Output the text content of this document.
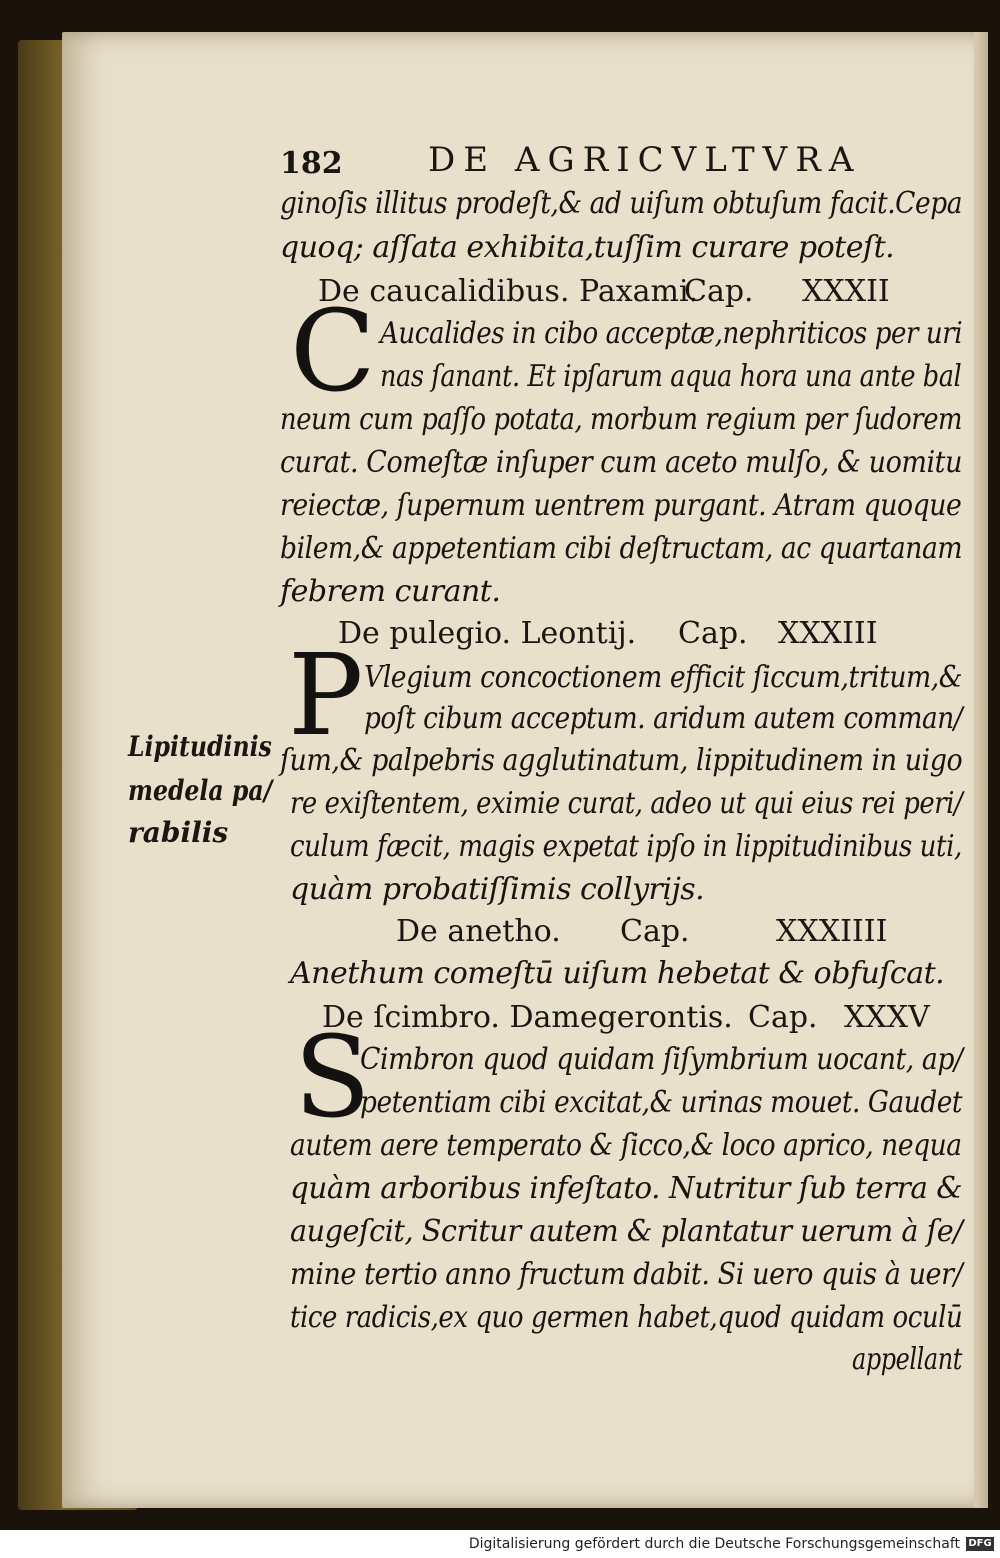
182	DE AGRICVLTVRA
ginoſis illitus prodeſt,& ad uiſum obtuſum facit.Cepa
quoq; aſſata exhibita,tuſſim curare poteſt.
De caucalidibus. Paxami.
Cap. XXXII
C Aucalides in cibo acceptæ,nephriticos per uri
nas ſanant. Et ipſarum aqua hora una ante bal
neum cum paſſo potata, morbum regium per ſudorem
curat. Comeſtæ inſuper cum aceto mulſo, & uomitu
reiectæ, ſupernum uentrem purgant. Atram quoque
bilem,& appetentiam cibi deſtructam, ac quartanam
febrem curant.
De pulegio. Leontij. Cap. XXXIII
P Vlegium concoctionem efficit ſiccum,tritum,&
poſt cibum acceptum. aridum autem comman/
ſum,& palpebris agglutinatum, lippitudinem in uigo
re exiſtentem, eximie curat, adeo ut qui eius rei peri/
culum fæcit, magis expetat ipſo in lippitudinibus uti,
quàm probatiſſimis collyrijs.
Lipitudinis
medela pa/
rabilis
De anetho. Cap.	XXXIIII
Anethum comeſtū uiſum hebetat & obfuſcat.
De ſcimbro. Damegerontis. Cap. XXXV
S
Cimbron quod quidam ſiſymbrium uocant, ap/
petentiam cibi excitat,& urinas mouet. Gaudet
autem aere temperato & ſicco,& loco aprico, nequa
quàm arboribus infeſtato. Nutritur ſub terra &
augeſcit, Scritur autem & plantatur uerum à ſe/
mine tertio anno fructum dabit. Si uero quis à uer/
tice radicis,ex quo germen habet,quod quidam oculū
appellant
Digitalisierung gefördert durch die Deutsche Forschungsgemeinschaft DFG
